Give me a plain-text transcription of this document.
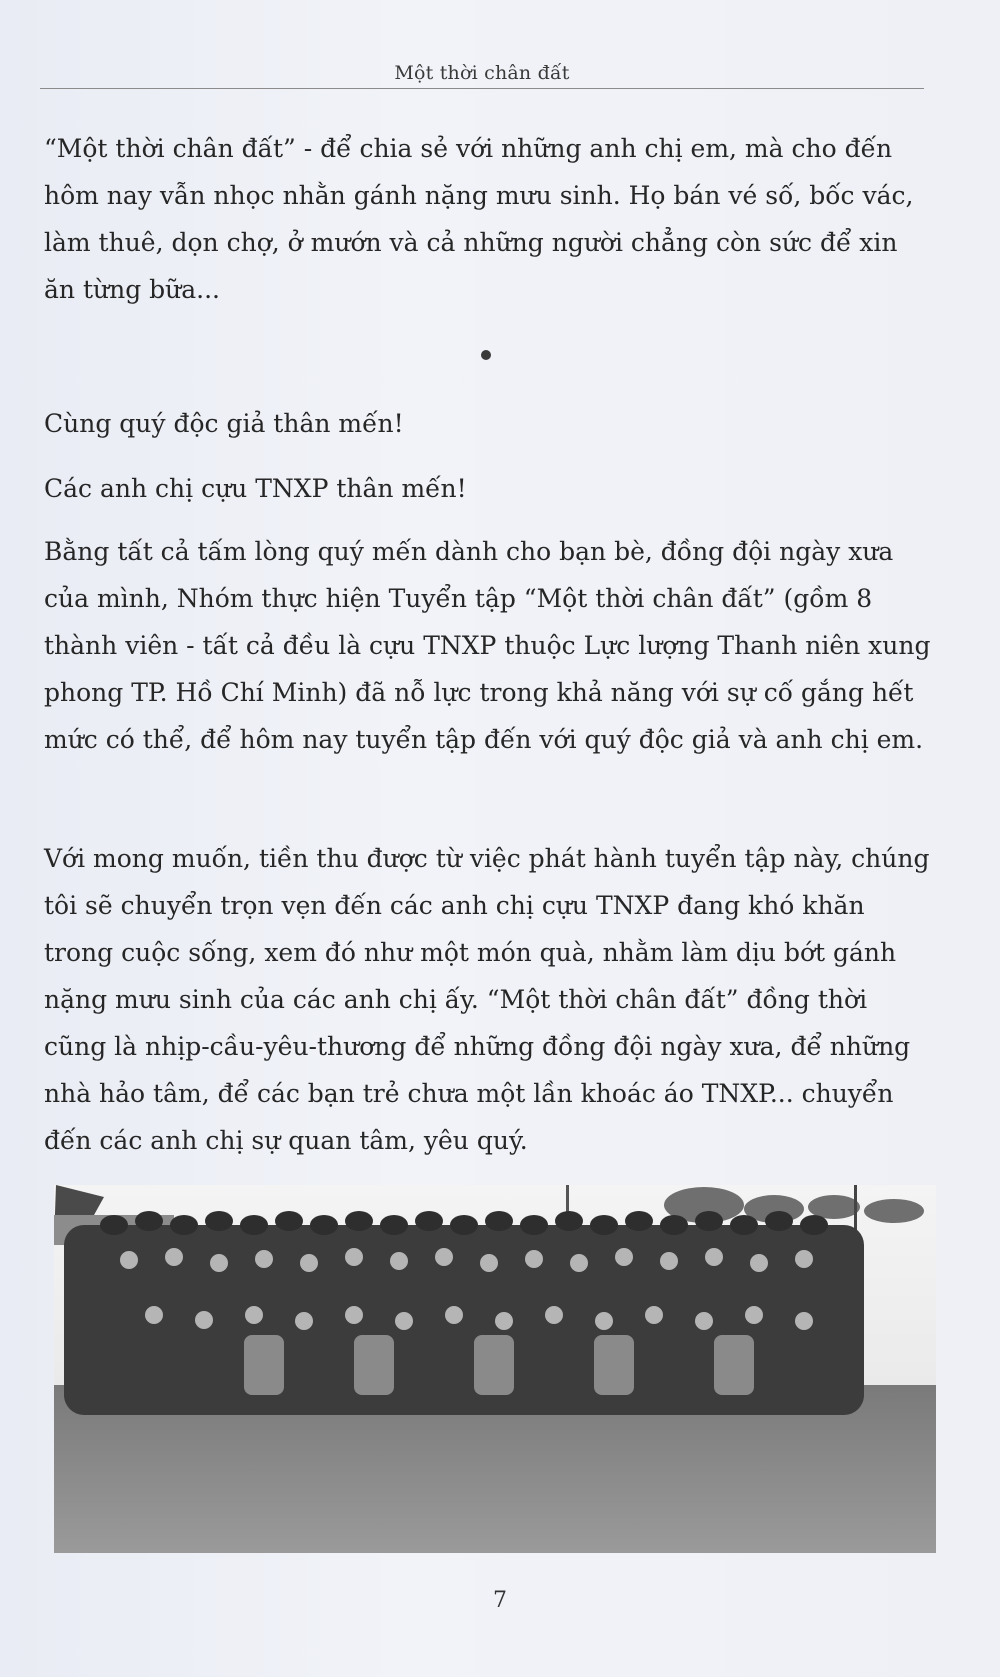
Một thời chân đất

“Một thời chân đất” - để chia sẻ với những anh chị em, mà cho đến hôm nay vẫn nhọc nhằn gánh nặng mưu sinh. Họ bán vé số, bốc vác, làm thuê, dọn chợ, ở mướn và cả những người chẳng còn sức để xin ăn từng bữa...

Cùng quý độc giả thân mến!

Các anh chị cựu TNXP thân mến!

Bằng tất cả tấm lòng quý mến dành cho bạn bè, đồng đội ngày xưa của mình, Nhóm thực hiện Tuyển tập “Một thời chân đất” (gồm 8 thành viên - tất cả đều là cựu TNXP thuộc Lực lượng Thanh niên xung phong TP. Hồ Chí Minh) đã nỗ lực trong khả năng với sự cố gắng hết mức có thể, để hôm nay tuyển tập đến với quý độc giả và anh chị em.

Với mong muốn, tiền thu được từ việc phát hành tuyển tập này, chúng tôi sẽ chuyển trọn vẹn đến các anh chị cựu TNXP đang khó khăn trong cuộc sống, xem đó như một món quà, nhằm làm dịu bớt gánh nặng mưu sinh của các anh chị ấy. “Một thời chân đất” đồng thời cũng là nhịp-cầu-yêu-thương để những đồng đội ngày xưa, để những nhà hảo tâm, để các bạn trẻ chưa một lần khoác áo TNXP... chuyển đến các anh chị sự quan tâm, yêu quý.

7
